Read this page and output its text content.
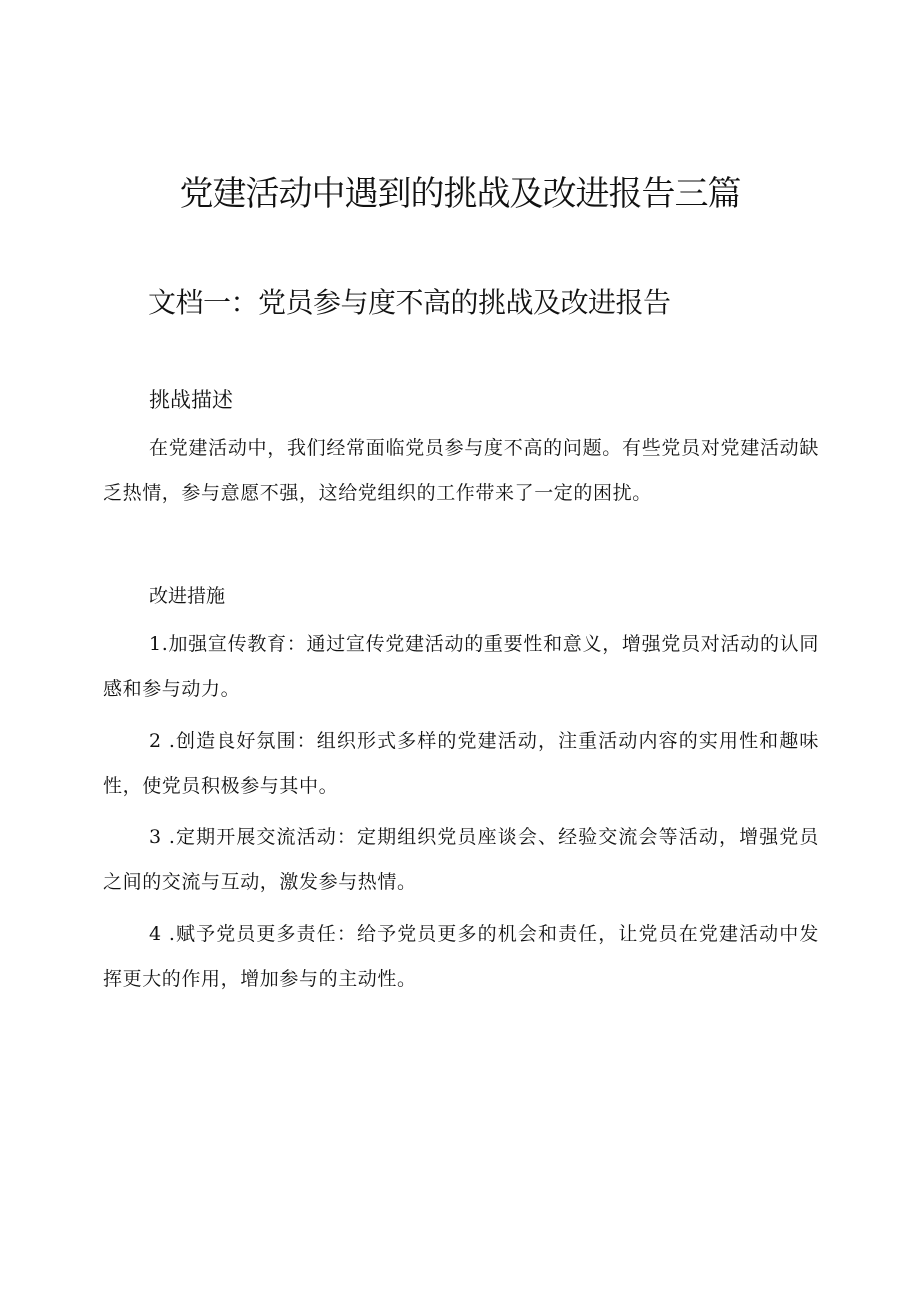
党建活动中遇到的挑战及改进报告三篇
文档一：党员参与度不高的挑战及改进报告
挑战描述

在党建活动中，我们经常面临党员参与度不高的问题。有些党员对党建活动缺乏热情，参与意愿不强，这给党组织的工作带来了一定的困扰。

改进措施

1.加强宣传教育：通过宣传党建活动的重要性和意义，增强党员对活动的认同感和参与动力。

2 .创造良好氛围：组织形式多样的党建活动，注重活动内容的实用性和趣味性，使党员积极参与其中。

3 .定期开展交流活动：定期组织党员座谈会、经验交流会等活动，增强党员之间的交流与互动，激发参与热情。

4 .赋予党员更多责任：给予党员更多的机会和责任，让党员在党建活动中发挥更大的作用，增加参与的主动性。
